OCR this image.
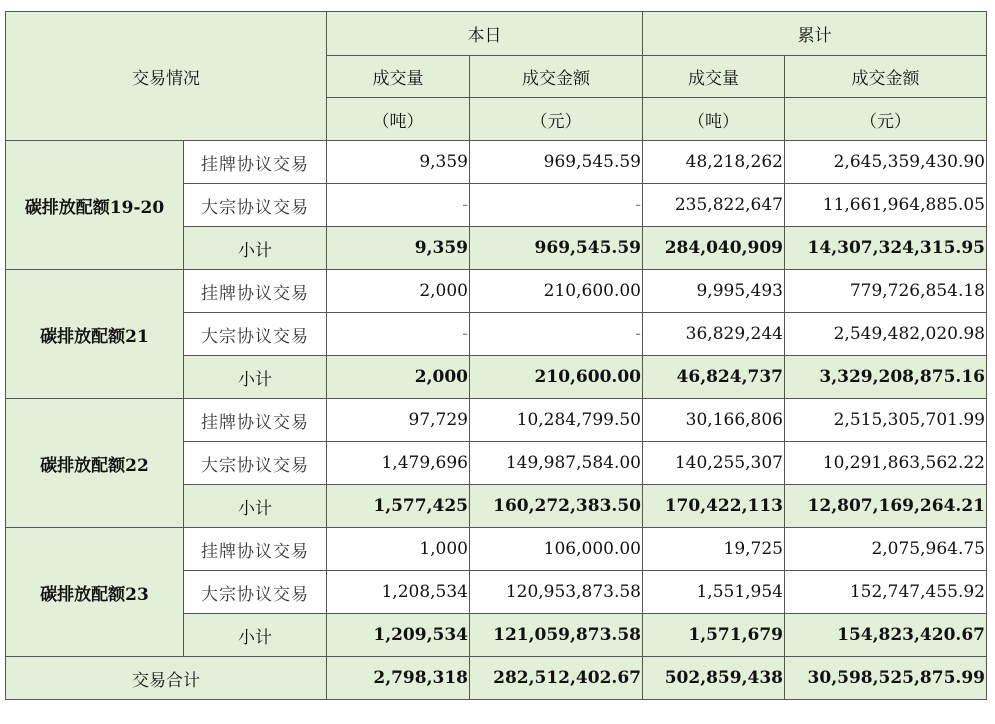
交易情况		本日		累计	
		成交量	成交金额	成交量	成交金额
		（吨）	（元）	（吨）	（元）
碳排放配额19-20	挂牌协议交易	9,359	969,545.59	48,218,262	2,645,359,430.90
	大宗协议交易	-	-	235,822,647	11,661,964,885.05
	小计	9,359	969,545.59	284,040,909	14,307,324,315.95
碳排放配额21	挂牌协议交易	2,000	210,600.00	9,995,493	779,726,854.18
	大宗协议交易	-	-	36,829,244	2,549,482,020.98
	小计	2,000	210,600.00	46,824,737	3,329,208,875.16
碳排放配额22	挂牌协议交易	97,729	10,284,799.50	30,166,806	2,515,305,701.99
	大宗协议交易	1,479,696	149,987,584.00	140,255,307	10,291,863,562.22
	小计	1,577,425	160,272,383.50	170,422,113	12,807,169,264.21
碳排放配额23	挂牌协议交易	1,000	106,000.00	19,725	2,075,964.75
	大宗协议交易	1,208,534	120,953,873.58	1,551,954	152,747,455.92
	小计	1,209,534	121,059,873.58	1,571,679	154,823,420.67
交易合计		2,798,318	282,512,402.67	502,859,438	30,598,525,875.99
